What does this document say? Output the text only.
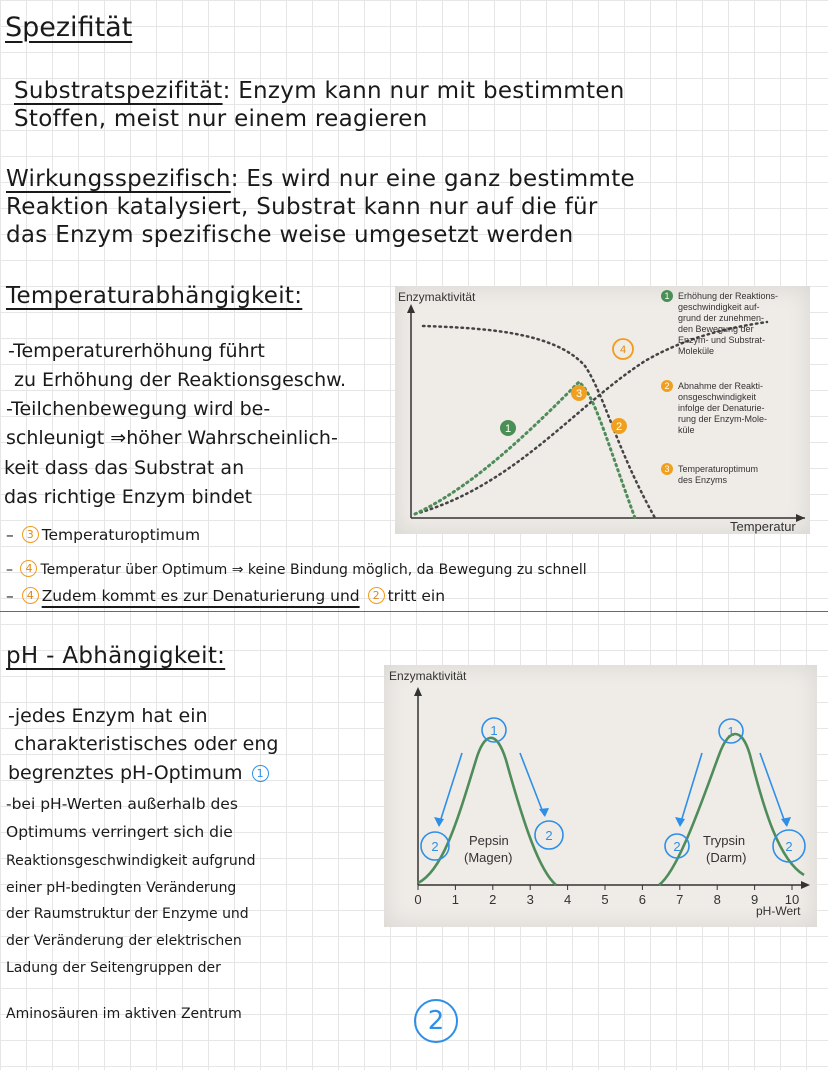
Spezifität
Substratspezifität: Enzym kann nur mit bestimmten
Stoffen, meist nur einem reagieren
Wirkungsspezifisch: Es wird nur eine ganz bestimmte
Reaktion katalysiert, Substrat kann nur auf die für
das Enzym spezifische weise umgesetzt werden
Temperaturabhängigkeit:
-Temperaturerhöhung führt
zu Erhöhung der Reaktionsgeschw.
-Teilchenbewegung wird be-
schleunigt ⇒höher Wahrscheinlich-
keit dass das Substrat an
das richtige Enzym bindet
– 3 Temperaturoptimum
– 4 Temperatur über Optimum ⇒ keine Bindung möglich, da Bewegung zu schnell
– 4 Zudem kommt es zur Denaturierung und 2 tritt ein
Enzymaktivität
Temperatur
1	2
3
4
1 Erhöhung der Reaktions- geschwindigkeit auf- grund der zunehmen- den Bewegung der Enzym- und Substrat- Moleküle
2 Abnahme der Reakti- onsgeschwindigkeit infolge der Denaturie- rung der Enzym-Mole- küle
3 Temperaturoptimum des Enzyms
pH - Abhängigkeit:
-jedes Enzym hat ein
charakteristisches oder eng
begrenztes pH-Optimum 1
-bei pH-Werten außerhalb des
Optimums verringert sich die
Reaktionsgeschwindigkeit aufgrund
einer pH-bedingten Veränderung
der Raumstruktur der Enzyme und
der Veränderung der elektrischen
Ladung der Seitengruppen der
Aminosäuren im aktiven Zentrum	2
Enzymaktivität
0 1 2 3 4 5 6 7 8 9 10
pH-Wert
Pepsin
(Magen)
Trypsin
(Darm)
1	1
2
2
2	2
